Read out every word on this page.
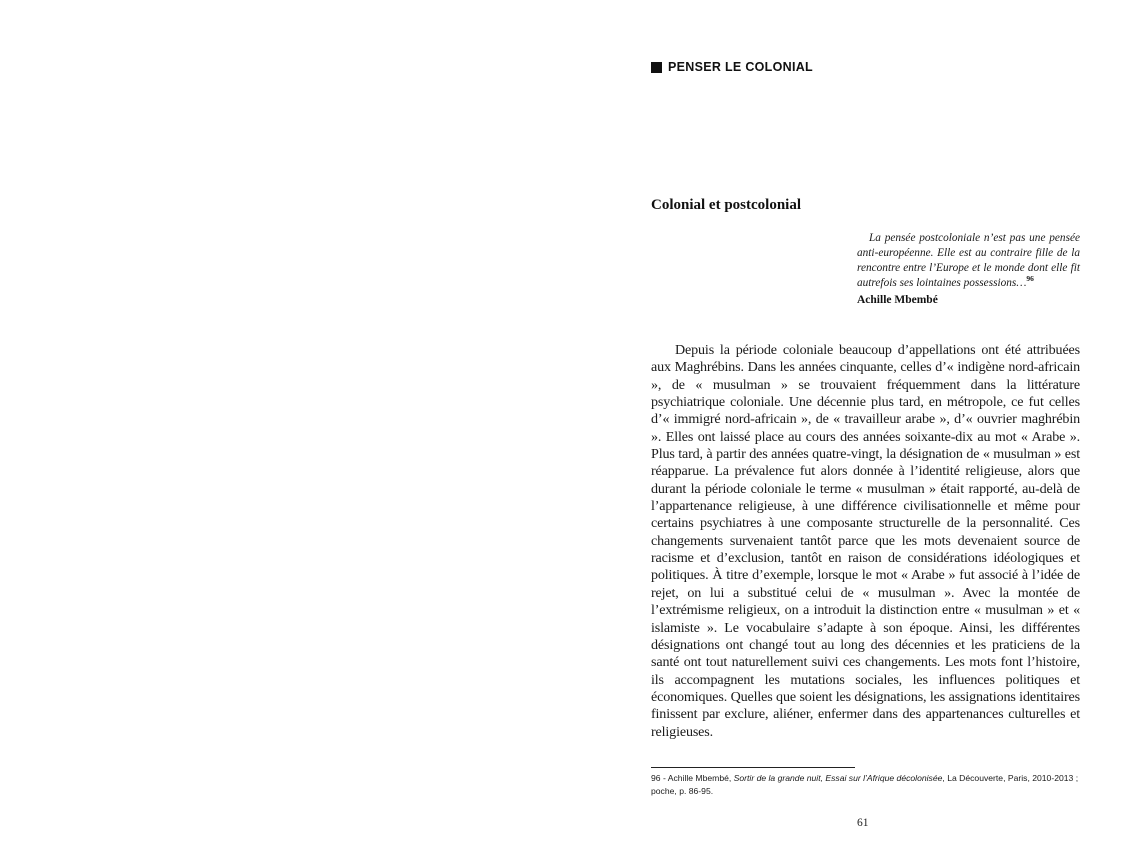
PENSER LE COLONIAL
Colonial et postcolonial

La pensée postcoloniale n’est pas une pensée anti-européenne. Elle est au contraire fille de la rencontre entre l’Europe et le monde dont elle fit autrefois ses lointaines possessions…$^{96}$

Achille Mbembé

Depuis la période coloniale beaucoup d’appellations ont été attribuées aux Maghrébins. Dans les années cinquante, celles d’« indigène nord-africain », de « musulman » se trouvaient fréquemment dans la littérature psychiatrique coloniale. Une décennie plus tard, en métropole, ce fut celles d’« immigré nord-africain », de « travailleur arabe », d’« ouvrier maghrébin ». Elles ont laissé place au cours des années soixante-dix au mot « Arabe ». Plus tard, à partir des années quatre-vingt, la désignation de « musulman » est réapparue. La prévalence fut alors donnée à l’identité religieuse, alors que durant la période coloniale le terme « musulman » était rapporté, au-delà de l’appartenance religieuse, à une différence civilisationnelle et même pour certains psychiatres à une composante structurelle de la personnalité. Ces changements survenaient tantôt parce que les mots devenaient source de racisme et d’exclusion, tantôt en raison de considérations idéologiques et politiques. À titre d’exemple, lorsque le mot « Arabe » fut associé à l’idée de rejet, on lui a substitué celui de « musulman ». Avec la montée de l’extrémisme religieux, on a introduit la distinction entre « musulman » et « islamiste ». Le vocabulaire s’adapte à son époque. Ainsi, les différentes désignations ont changé tout au long des décennies et les praticiens de la santé ont tout naturellement suivi ces changements. Les mots font l’histoire, ils accompagnent les mutations sociales, les influences politiques et économiques. Quelles que soient les désignations, les assignations identitaires finissent par exclure, aliéner, enfermer dans des appartenances culturelles et religieuses.

96 - Achille Mbembé, Sortir de la grande nuit, Essai sur l’Afrique décolonisée, La Découverte, Paris, 2010-2013 ; poche, p. 86-95.

61
